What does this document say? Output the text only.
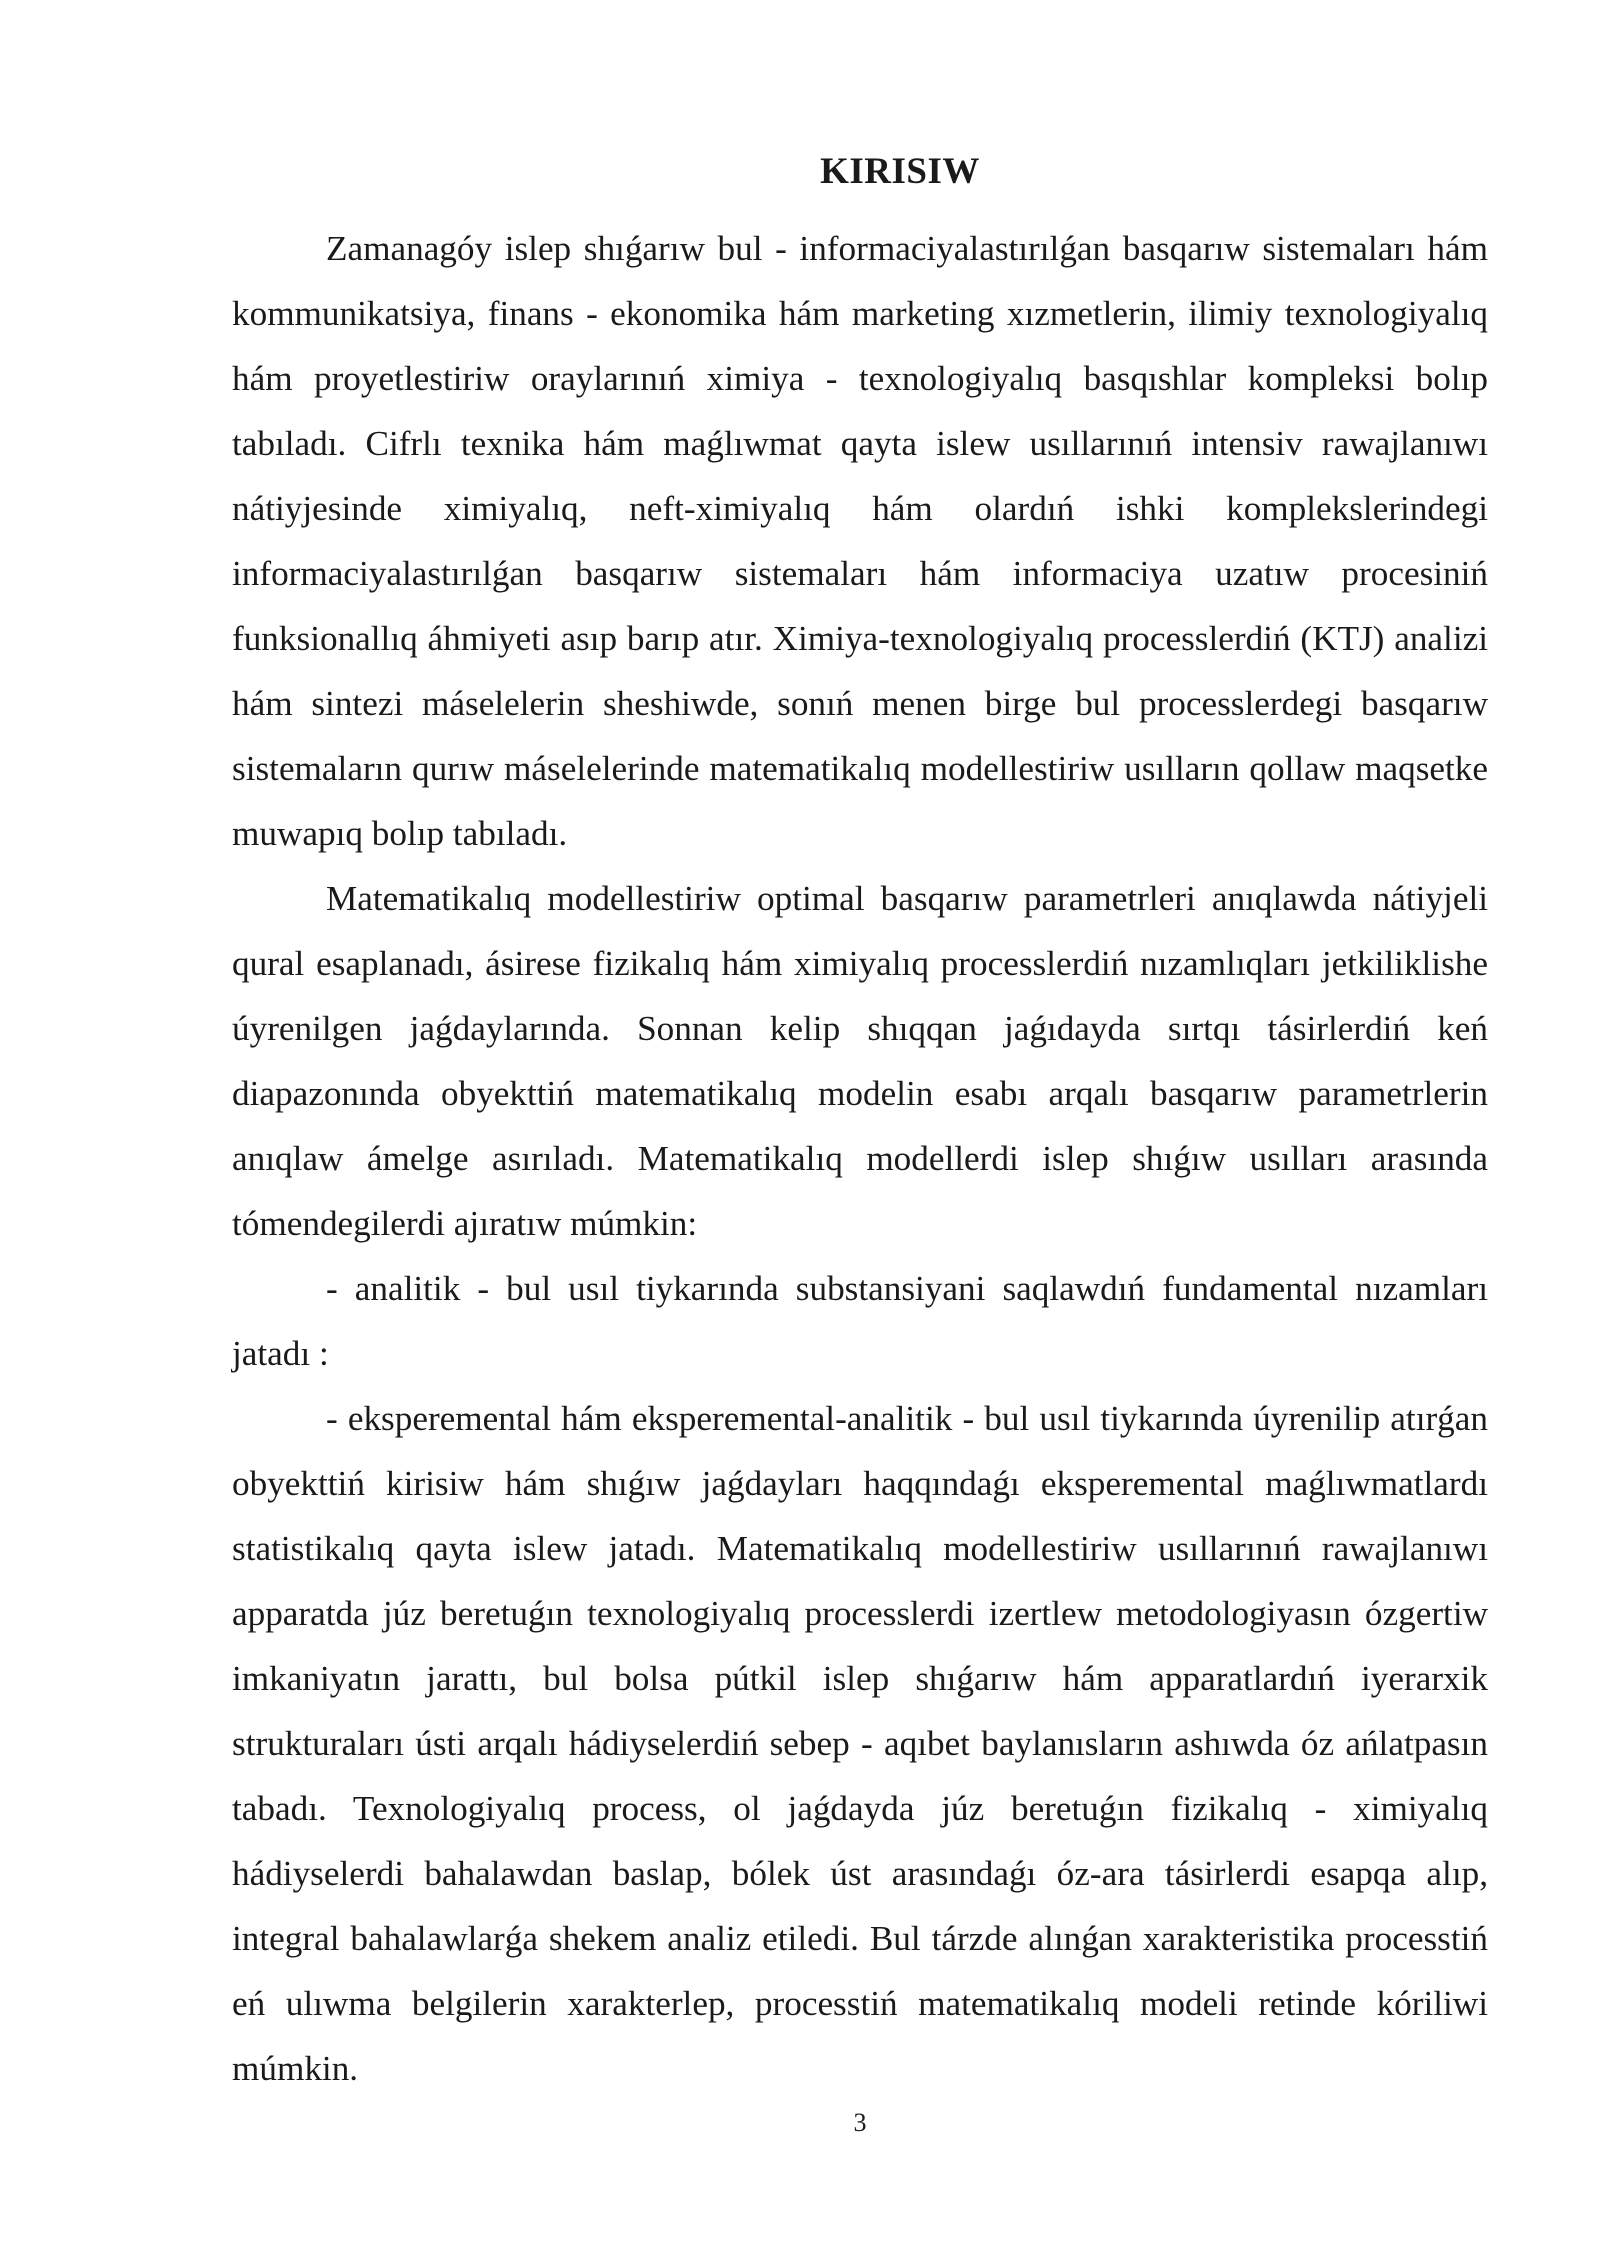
KIRISIW

Zamanagóy islep shıǵarıw bul - informaciyalastırılǵan basqarıw sistemaları hám kommunikatsiya, finans - ekonomika hám marketing xızmetlerin, ilimiy texnologiyalıq hám proyetlestiriw oraylarınıń ximiya - texnologiyalıq basqıshlar kompleksi bolıp tabıladı. Cifrlı texnika hám maǵlıwmat qayta islew usıllarınıń intensiv rawajlanıwı nátiyjesinde ximiyalıq, neft-ximiyalıq hám olardıń ishki komplekslerindegi informaciyalastırılǵan basqarıw sistemaları hám informaciya uzatıw procesiniń funksionallıq áhmiyeti asıp barıp atır. Ximiya-texnologiyalıq processlerdiń (KTJ) analizi hám sintezi máselelerin sheshiwde, sonıń menen birge bul processlerdegi basqarıw sistemaların qurıw máselelerinde matematikalıq modellestiriw usılların qollaw maqsetke muwapıq bolıp tabıladı.

Matematikalıq modellestiriw optimal basqarıw parametrleri anıqlawda nátiyjeli qural esaplanadı, ásirese fizikalıq hám ximiyalıq processlerdiń nızamlıqları jetkiliklishe úyrenilgen jaǵdaylarında. Sonnan kelip shıqqan jaǵıdayda sırtqı tásirlerdiń keń diapazonında obyekttiń matematikalıq modelin esabı arqalı basqarıw parametrlerin anıqlaw ámelge asırıladı. Matematikalıq modellerdi islep shıǵıw usılları arasında tómendegilerdi ajıratıw múmkin:

- analitik - bul usıl tiykarında substansiyani saqlawdıń fundamental nızamları jatadı :

- eksperemental hám eksperemental-analitik - bul usıl tiykarında úyrenilip atırǵan obyekttiń kirisiw hám shıǵıw jaǵdayları haqqındaǵı eksperemental maǵlıwmatlardı statistikalıq qayta islew jatadı. Matematikalıq modellestiriw usıllarınıń rawajlanıwı apparatda júz beretuǵın texnologiyalıq processlerdi izertlew metodologiyasın ózgertiw imkaniyatın jarattı, bul bolsa pútkil islep shıǵarıw hám apparatlardıń iyerarxik strukturaları ústi arqalı hádiyselerdiń sebep - aqıbet baylanısların ashıwda óz ańlatpasın tabadı. Texnologiyalıq process, ol jaǵdayda júz beretuǵın fizikalıq - ximiyalıq hádiyselerdi bahalawdan baslap, bólek úst arasındaǵı óz-ara tásirlerdi esapqa alıp, integral bahalawlarǵa shekem analiz etiledi. Bul tárzde alınǵan xarakteristika processtiń eń ulıwma belgilerin xarakterlep, processtiń matematikalıq modeli retinde kóriliwi múmkin.

3
